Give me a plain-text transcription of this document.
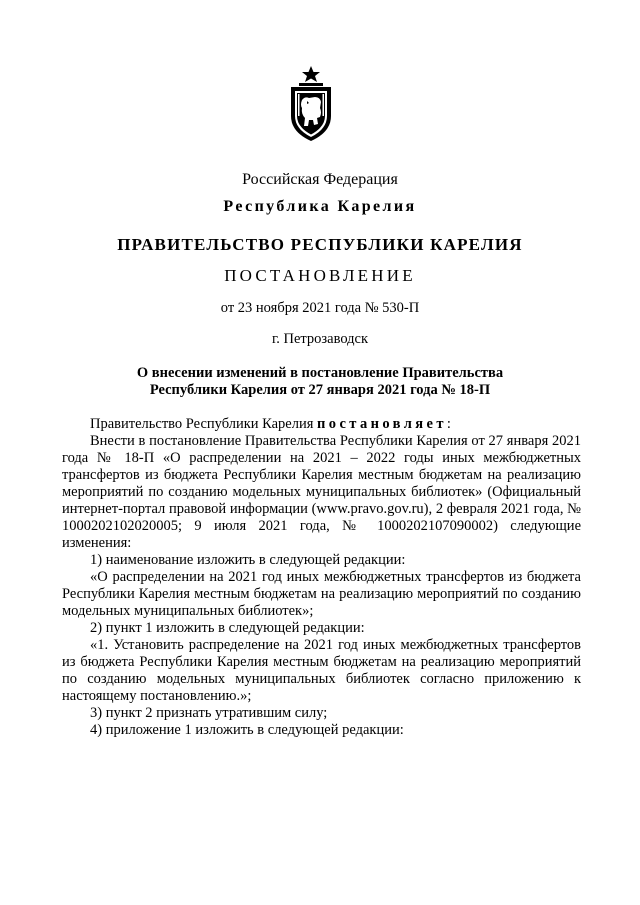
Российская Федерация
Республика Карелия
ПРАВИТЕЛЬСТВО РЕСПУБЛИКИ КАРЕЛИЯ
ПОСТАНОВЛЕНИЕ
от 23 ноября 2021 года № 530-П
г. Петрозаводск
О внесении изменений в постановление Правительства
Республики Карелия от 27 января 2021 года № 18-П

Правительство Республики Карелия постановляет:

Внести в постановление Правительства Республики Карелия от 27 января 2021 года № 18-П «О распределении на 2021 – 2022 годы иных межбюджетных трансфертов из бюджета Республики Карелия местным бюджетам на реализацию мероприятий по созданию модельных муниципальных библиотек» (Официальный интернет-портал правовой информации (www.pravo.gov.ru), 2 февраля 2021 года, № 1000202102020005; 9 июля 2021 года, № 1000202107090002) следующие изменения:

1) наименование изложить в следующей редакции:

«О распределении на 2021 год иных межбюджетных трансфертов из бюджета Республики Карелия местным бюджетам на реализацию мероприятий по созданию модельных муниципальных библиотек»;

2) пункт 1 изложить в следующей редакции:

«1. Установить распределение на 2021 год иных межбюджетных трансфертов из бюджета Республики Карелия местным бюджетам на реализацию мероприятий по созданию модельных муниципальных библиотек согласно приложению к настоящему постановлению.»;

3) пункт 2 признать утратившим силу;

4) приложение 1 изложить в следующей редакции:
